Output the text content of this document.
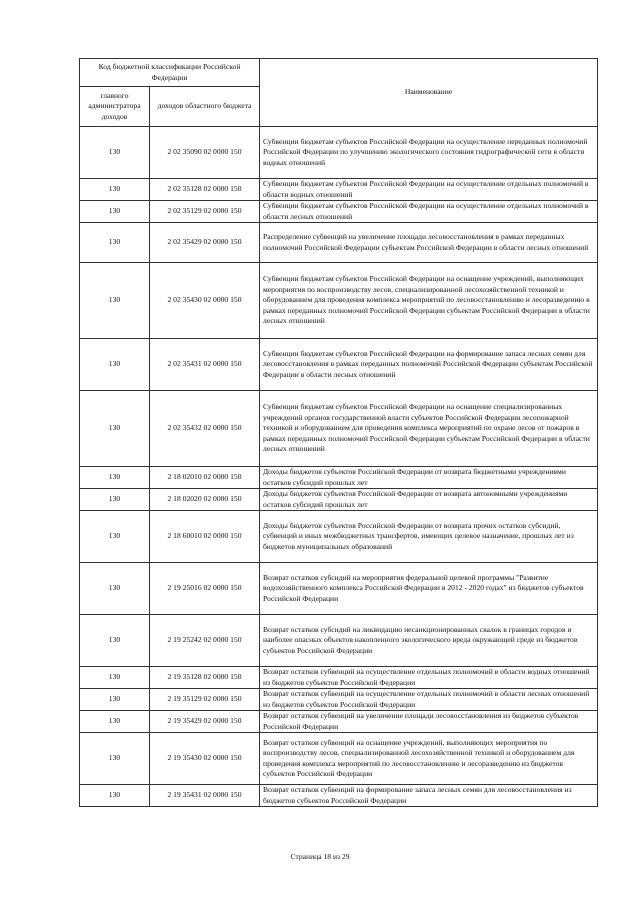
Код бюджетной классификации Российской Федерации		Наименование
главного администратора доходов	доходов областного бюджета	
130	2 02 35090 02 0000 150	Субвенции бюджетам субъектов Российской Федерации на осуществление переданных полномочий Российской Федерации по улучшению экологического состояния гидрографической сети в области водных отношений
130	2 02 35128 02 0000 150	Субвенции бюджетам субъектов Российской Федерации на осуществление отдельных полномочий в области водных отношений
130	2 02 35129 02 0000 150	Субвенции бюджетам субъектов Российской Федерации на осуществление отдельных полномочий в области лесных отношений
130	2 02 35429 02 0000 150	Распределение субвенций на увеличение площади лесовосстановления в рамках переданных полномочий Российской Федерации субъектам Российской Федерации в области лесных отношений
130	2 02 35430 02 0000 150	Субвенции бюджетам субъектов Российской Федерации на оснащение учреждений, выполняющих мероприятия по воспроизводству лесов, специализированной лесохозяйственной техникой и оборудованием для проведения комплекса мероприятий по лесовосстановлению и лесоразведению в рамках переданных полномочий Российской Федерации субъектам Российской Федерации в области лесных отношений
130	2 02 35431 02 0000 150	Субвенции бюджетам субъектов Российской Федерации на формирование запаса лесных семян для лесовосстановления в рамках переданных полномочий Российской Федерации субъектам Российской Федерации в области лесных отношений
130	2 02 35432 02 0000 150	Субвенции бюджетам субъектов Российской Федерации на оснащение специализированных учреждений органов государственной власти субъектов Российской Федерации лесопожарной техникой и оборудованием для проведения комплекса мероприятий по охране лесов от пожаров в рамках переданных полномочий Российской Федерации субъектам Российской Федерации в области лесных отношений
130	2 18 02010 02 0000 150	Доходы бюджетов субъектов Российской Федерации от возврата бюджетными учреждениями остатков субсидий прошлых лет
130	2 18 02020 02 0000 150	Доходы бюджетов субъектов Российской Федерации от возврата автономными учреждениями остатков субсидий прошлых лет
130	2 18 60010 02 0000 150	Доходы бюджетов субъектов Российской Федерации от возврата прочих остатков субсидий, субвенций и иных межбюджетных трансфертов, имеющих целевое назначение, прошлых лет из бюджетов муниципальных образований
130	2 19 25016 02 0000 150	Возврат остатков субсидий на мероприятия федеральной целевой программы "Развитие водохозяйственного комплекса Российской Федерации в 2012 - 2020 годах" из бюджетов субъектов Российской Федерации
130	2 19 25242 02 0000 150	Возврат остатков субсидий на ликвидацию несанкционированных свалок в границах городов и наиболее опасных объектов накопленного экологического вреда окружающей среде из бюджетов субъектов Российской Федерации
130	2 19 35128 02 0000 150	Возврат остатков субвенций на осуществление отдельных полномочий в области водных отношений из бюджетов субъектов Российской Федерации
130	2 19 35129 02 0000 150	Возврат остатков субвенций на осуществление отдельных полномочий в области лесных отношений из бюджетов субъектов Российской Федерации
130	2 19 35429 02 0000 150	Возврат остатков субвенций на увеличение площади лесовосстановления из бюджетов субъектов Российской Федерации
130	2 19 35430 02 0000 150	Возврат остатков субвенций на оснащение учреждений, выполняющих мероприятия по воспроизводству лесов, специализированной лесохозяйственной техникой и оборудованием для проведения комплекса мероприятий по лесовосстановлению и лесоразведению из бюджетов субъектов Российской Федерации
130	2 19 35431 02 0000 150	Возврат остатков субвенций на формирование запаса лесных семян для лесовосстановления из бюджетов субъектов Российской Федерации
Страница 18 из 29
